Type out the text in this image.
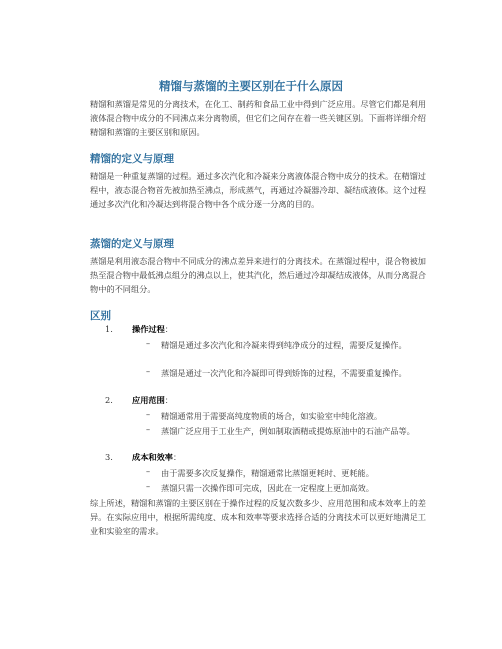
精馏与蒸馏的主要区别在于什么原因

精馏和蒸馏是常见的分离技术，在化工、制药和食品工业中得到广泛应用。尽管它们都是利用液体混合物中成分的不同沸点来分离物质，但它们之间存在着一些关键区别。下面将详细介绍精馏和蒸馏的主要区别和原因。

精馏的定义与原理

精馏是一种重复蒸馏的过程。通过多次汽化和冷凝来分离液体混合物中成分的技术。在精馏过程中，液态混合物首先被加热至沸点，形成蒸气，再通过冷凝器冷却、凝结成液体。这个过程通过多次汽化和冷凝达到将混合物中各个成分逐一分离的目的。

蒸馏的定义与原理

蒸馏是利用液态混合物中不同成分的沸点差异来进行的分离技术。在蒸馏过程中，混合物被加热至混合物中最低沸点组分的沸点以上，使其汽化，然后通过冷却凝结成液体，从而分离混合物中的不同组分。

区别
1. 操作过程：
– 精馏是通过多次汽化和冷凝来得到纯净成分的过程，需要反复操作。

– 蒸馏是通过一次汽化和冷凝即可得到矫饰的过程，不需要重复操作。

2. 应用范围：
– 精馏通常用于需要高纯度物质的场合，如实验室中纯化溶液。

– 蒸馏广泛应用于工业生产，例如制取酒精或提炼原油中的石油产品等。

3. 成本和效率：
– 由于需要多次反复操作，精馏通常比蒸馏更耗时、更耗能。

– 蒸馏只需一次操作即可完成，因此在一定程度上更加高效。

综上所述，精馏和蒸馏的主要区别在于操作过程的反复次数多少、应用范围和成本效率上的差异。在实际应用中，根据所需纯度、成本和效率等要求选择合适的分离技术可以更好地满足工业和实验室的需求。
